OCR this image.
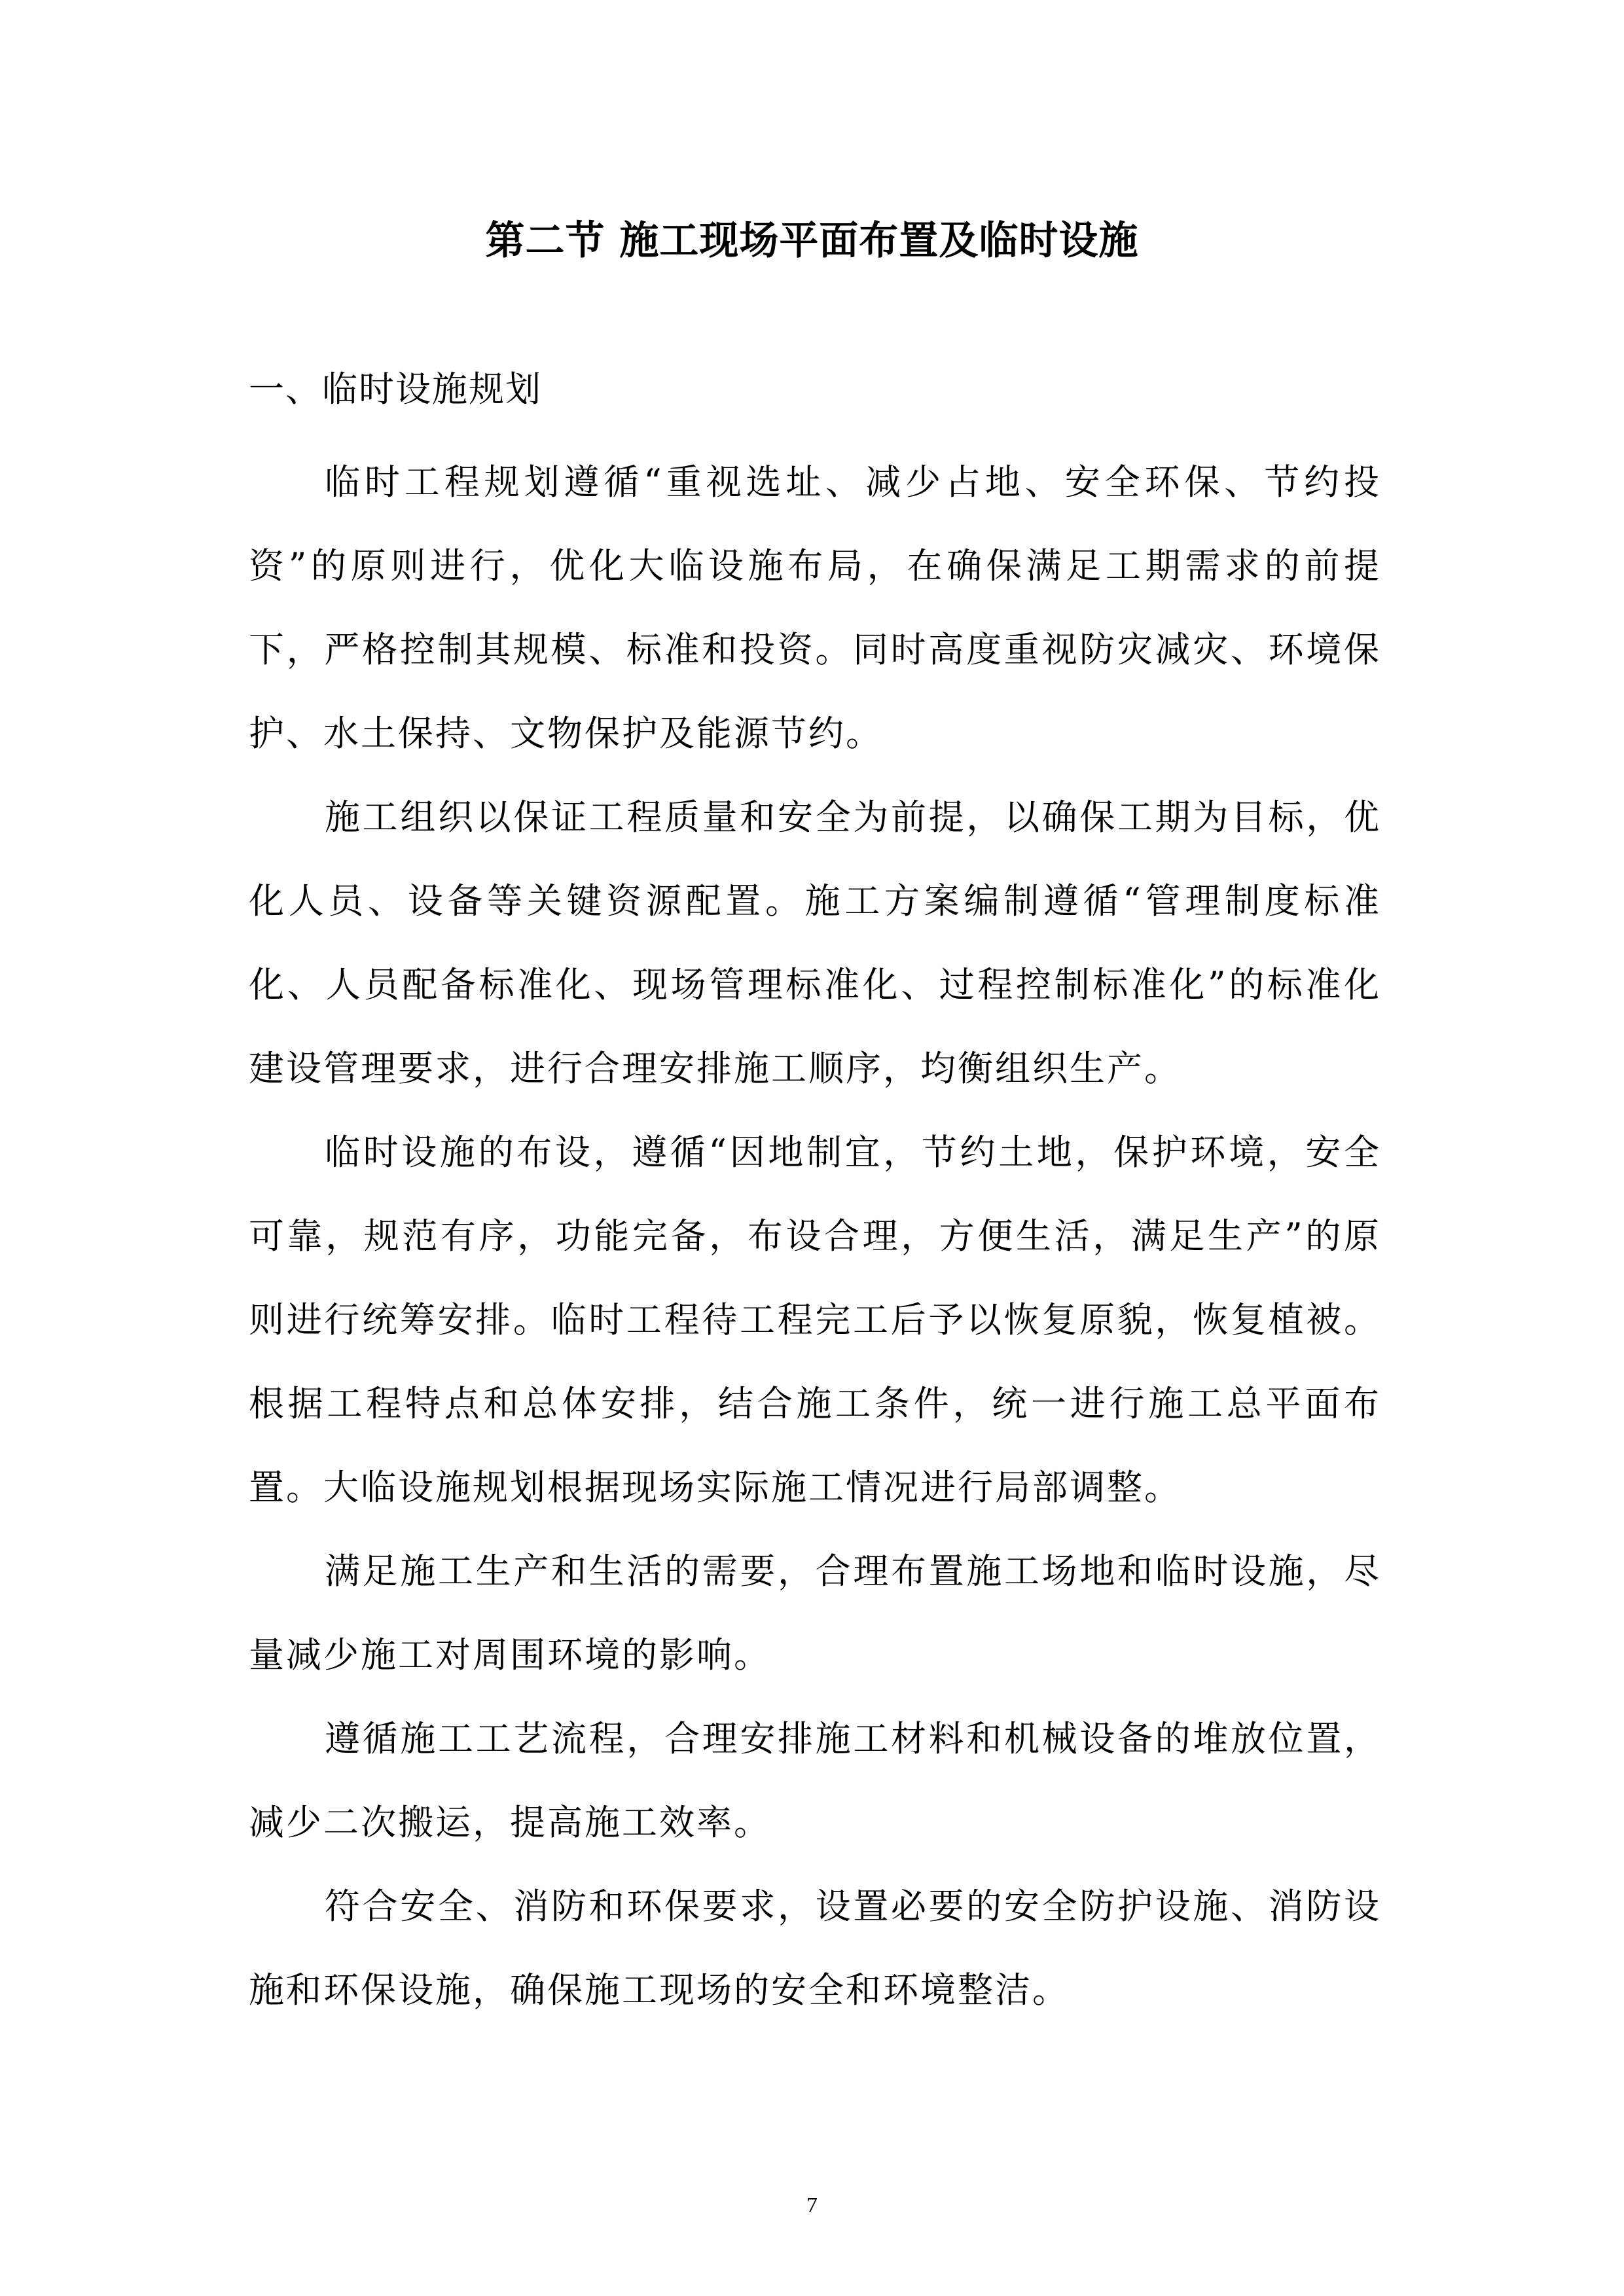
第二节 施工现场平面布置及临时设施
一、临时设施规划

临时工程规划遵循“重视选址、减少占地、安全环保、节约投资”的原则进行，优化大临设施布局，在确保满足工期需求的前提下，严格控制其规模、标准和投资。同时高度重视防灾减灾、环境保护、水土保持、文物保护及能源节约。

施工组织以保证工程质量和安全为前提，以确保工期为目标，优化人员、设备等关键资源配置。施工方案编制遵循“管理制度标准化、人员配备标准化、现场管理标准化、过程控制标准化”的标准化建设管理要求，进行合理安排施工顺序，均衡组织生产。

临时设施的布设，遵循“因地制宜，节约土地，保护环境，安全可靠，规范有序，功能完备，布设合理，方便生活，满足生产”的原则进行统筹安排。临时工程待工程完工后予以恢复原貌，恢复植被。根据工程特点和总体安排，结合施工条件，统一进行施工总平面布置。大临设施规划根据现场实际施工情况进行局部调整。

满足施工生产和生活的需要，合理布置施工场地和临时设施，尽量减少施工对周围环境的影响。

遵循施工工艺流程，合理安排施工材料和机械设备的堆放位置，减少二次搬运，提高施工效率。

符合安全、消防和环保要求，设置必要的安全防护设施、消防设施和环保设施，确保施工现场的安全和环境整洁。

7
